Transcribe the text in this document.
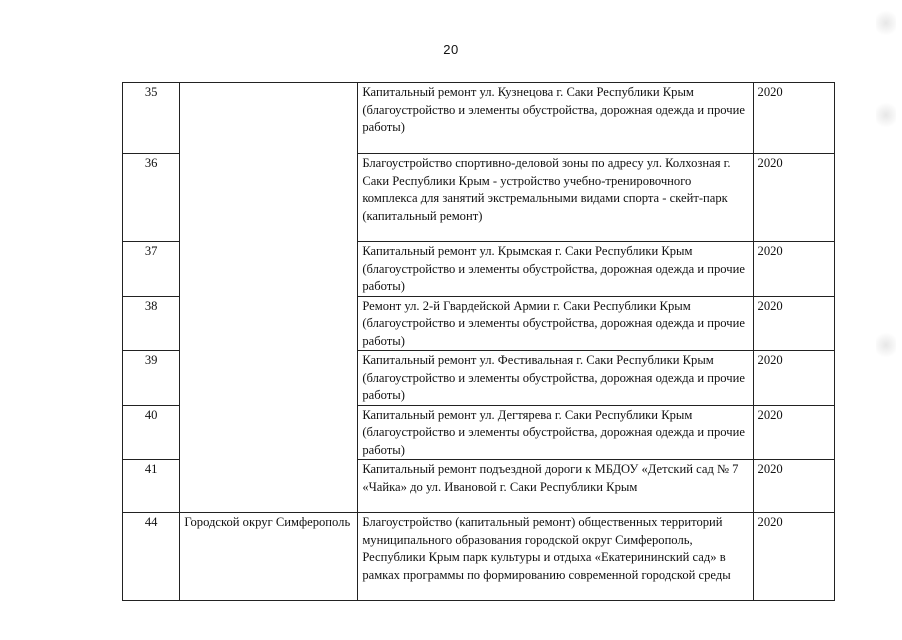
20
35		Капитальный ремонт ул. Кузнецова г. Саки Республики Крым (благоустройство и элементы обустройства, дорожная одежда и прочие работы)	2020
36		Благоустройство спортивно-деловой зоны по адресу ул. Колхозная г. Саки Республики Крым - устройство учебно-тренировочного комплекса для занятий экстремальными видами спорта - скейт-парк (капитальный ремонт)	2020
37		Капитальный ремонт ул. Крымская г. Саки Республики Крым (благоустройство и элементы обустройства, дорожная одежда и прочие работы)	2020
38		Ремонт ул. 2-й Гвардейской Армии г. Саки Республики Крым (благоустройство и элементы обустройства, дорожная одежда и прочие работы)	2020
39		Капитальный ремонт ул. Фестивальная г. Саки Республики Крым (благоустройство и элементы обустройства, дорожная одежда и прочие работы)	2020
40		Капитальный ремонт ул. Дегтярева г. Саки Республики Крым (благоустройство и элементы обустройства, дорожная одежда и прочие работы)	2020
41		Капитальный ремонт подъездной дороги к МБДОУ «Детский сад № 7 «Чайка» до ул. Ивановой г. Саки Республики Крым	2020
44	Городской округ Симферополь	Благоустройство (капитальный ремонт) общественных территорий муниципального образования городской округ Симферополь, Республики Крым парк культуры и отдыха «Екатерининский сад» в рамках программы по формированию современной городской среды	2020
